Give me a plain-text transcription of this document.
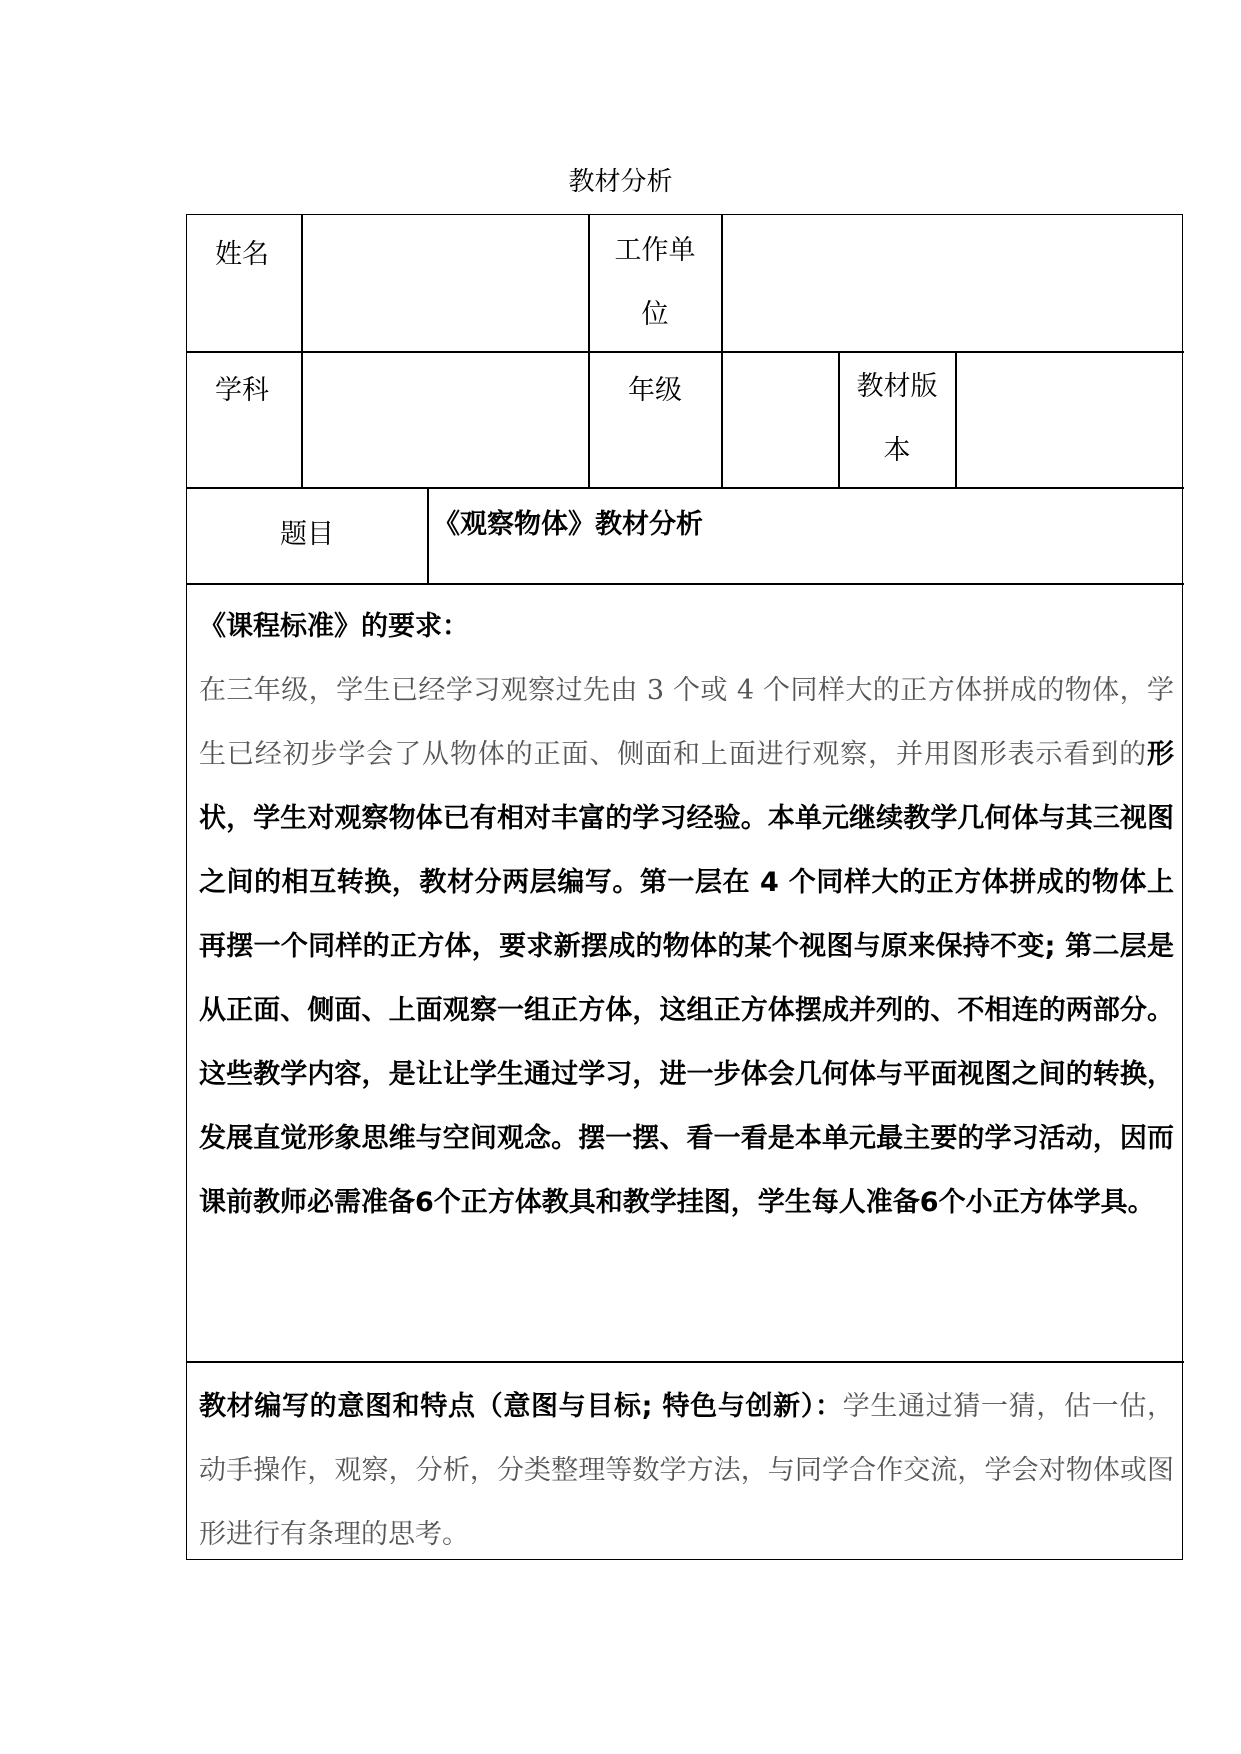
教材分析
姓名	工作单
位
学科	年级	教材版
本
题目	《观察物体》教材分析
《课程标准》的要求：
在三年级，学生已经学习观察过先由 3 个或 4 个同样大的正方体拼成的物体，学生已经初步学会了从物体的正面、侧面和上面进行观察，并用图形表示看到的形状，学生对观察物体已有相对丰富的学习经验。本单元继续教学几何体与其三视图之间的相互转换，教材分两层编写。第一层在 4 个同样大的正方体拼成的物体上再摆一个同样的正方体，要求新摆成的物体的某个视图与原来保持不变; 第二层是从正面、侧面、上面观察一组正方体，这组正方体摆成并列的、不相连的两部分。这些教学内容，是让让学生通过学习，进一步体会几何体与平面视图之间的转换，发展直觉形象思维与空间观念。摆一摆、看一看是本单元最主要的学习活动，因而课前教师必需准备6个正方体教具和教学挂图，学生每人准备6个小正方体学具。
教材编写的意图和特点（意图与目标; 特色与创新）：学生通过猜一猜，估一估，动手操作，观察，分析，分类整理等数学方法，与同学合作交流，学会对物体或图形进行有条理的思考。
